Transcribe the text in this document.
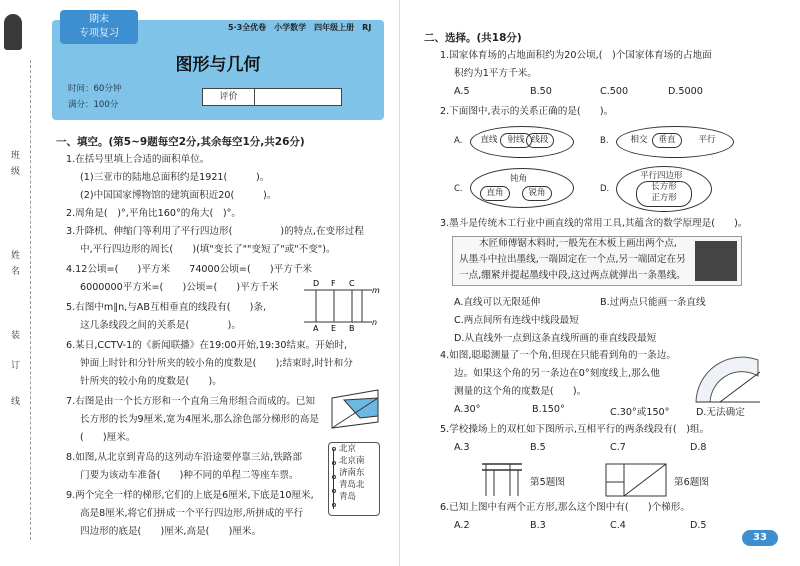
班
级
姓
名
装
订
线
期末
专项复习
5·3全优卷　小学数学　四年级上册　RJ
图形与几何
时间：60分钟
满分：100分
评价
一、填空。(第5~9题每空2分,其余每空1分,共26分)
1.在括号里填上合适的面积单位。
(1)三亚市的陆地总面积约是1921(　　　)。
(2)中国国家博物馆的建筑面积近20(　　　)。
2.周角是(　)°,平角比160°的角大(　)°。
3.升降机、伸缩门等利用了平行四边形(　　　　　)的特点,在变形过程
中,平行四边形的周长(　　)(填"变长了""变短了"或"不变")。
4.12公顷=(　　)平方米　　74000公顷=(　　)平方千米
6000000平方米=(　　)公顷=(　　)平方千米
5.右图中m∥n,与AB互相垂直的线段有(　　)条,
这几条线段之间的关系是(　　　　)。
D F C
m
A E B
n
6.某日,CCTV-1的《新闻联播》在19:00开始,19:30结束。开始时,
钟面上时针和分针所夹的较小角的度数是(　　);结束时,时针和分
针所夹的较小角的度数是(　　)。
7.右图是由一个长方形和一个直角三角形组合而成的。已知
长方形的长为9厘米,宽为4厘米,那么涂色部分梯形的高是
(　　)厘米。
8.如图,从北京到青岛的这列动车沿途要停靠三站,铁路部
门要为该动车准备(　　)种不同的单程二等座车票。
北京
北京南
济南东
青岛北
青岛
9.两个完全一样的梯形,它们的上底是6厘米,下底是10厘米,
高是8厘米,将它们拼成一个平行四边形,所拼成的平行
四边形的底是(　　)厘米,高是(　　)厘米。
二、选择。(共18分)
1.国家体育场的占地面积约为20公顷,(　)个国家体育场的占地面
积约为1平方千米。
A.5	B.50	C.500	D.5000
2.下面图中,表示的关系正确的是(　　)。
A.	直线	射线 线段	B.	相交	垂直	平行
C.
钝角
直角	锐角	D.
平行四边形
长方形
正方形
3.墨斗是传统木工行业中画直线的常用工具,其蕴含的数学原理是(　　)。
木匠师傅锯木料时,一般先在木板上画出两个点,
从墨斗中拉出墨线,一端固定在一个点,另一端固定在另
一点,绷紧并提起墨线中段,这过两点就弹出一条墨线。
A.直线可以无限延伸	B.过两点只能画一条直线
C.两点间所有连线中线段最短
D.从直线外一点到这条直线所画的垂直线段最短
4.如图,聪聪测量了一个角,但现在只能看到角的一条边。
边。如果这个角的另一条边在0°刻度线上,那么他
测量的这个角的度数是(　　)。
A.30°	B.150°	C.30°或150°	D.无法确定
5.学校操场上的双杠如下图所示,互相平行的两条线段有(　)组。
A.3	B.5	C.7	D.8
第5题图	第6题图
6.已知上图中有两个正方形,那么这个图中有(　　)个梯形。
A.2	B.3	C.4	D.5
33
